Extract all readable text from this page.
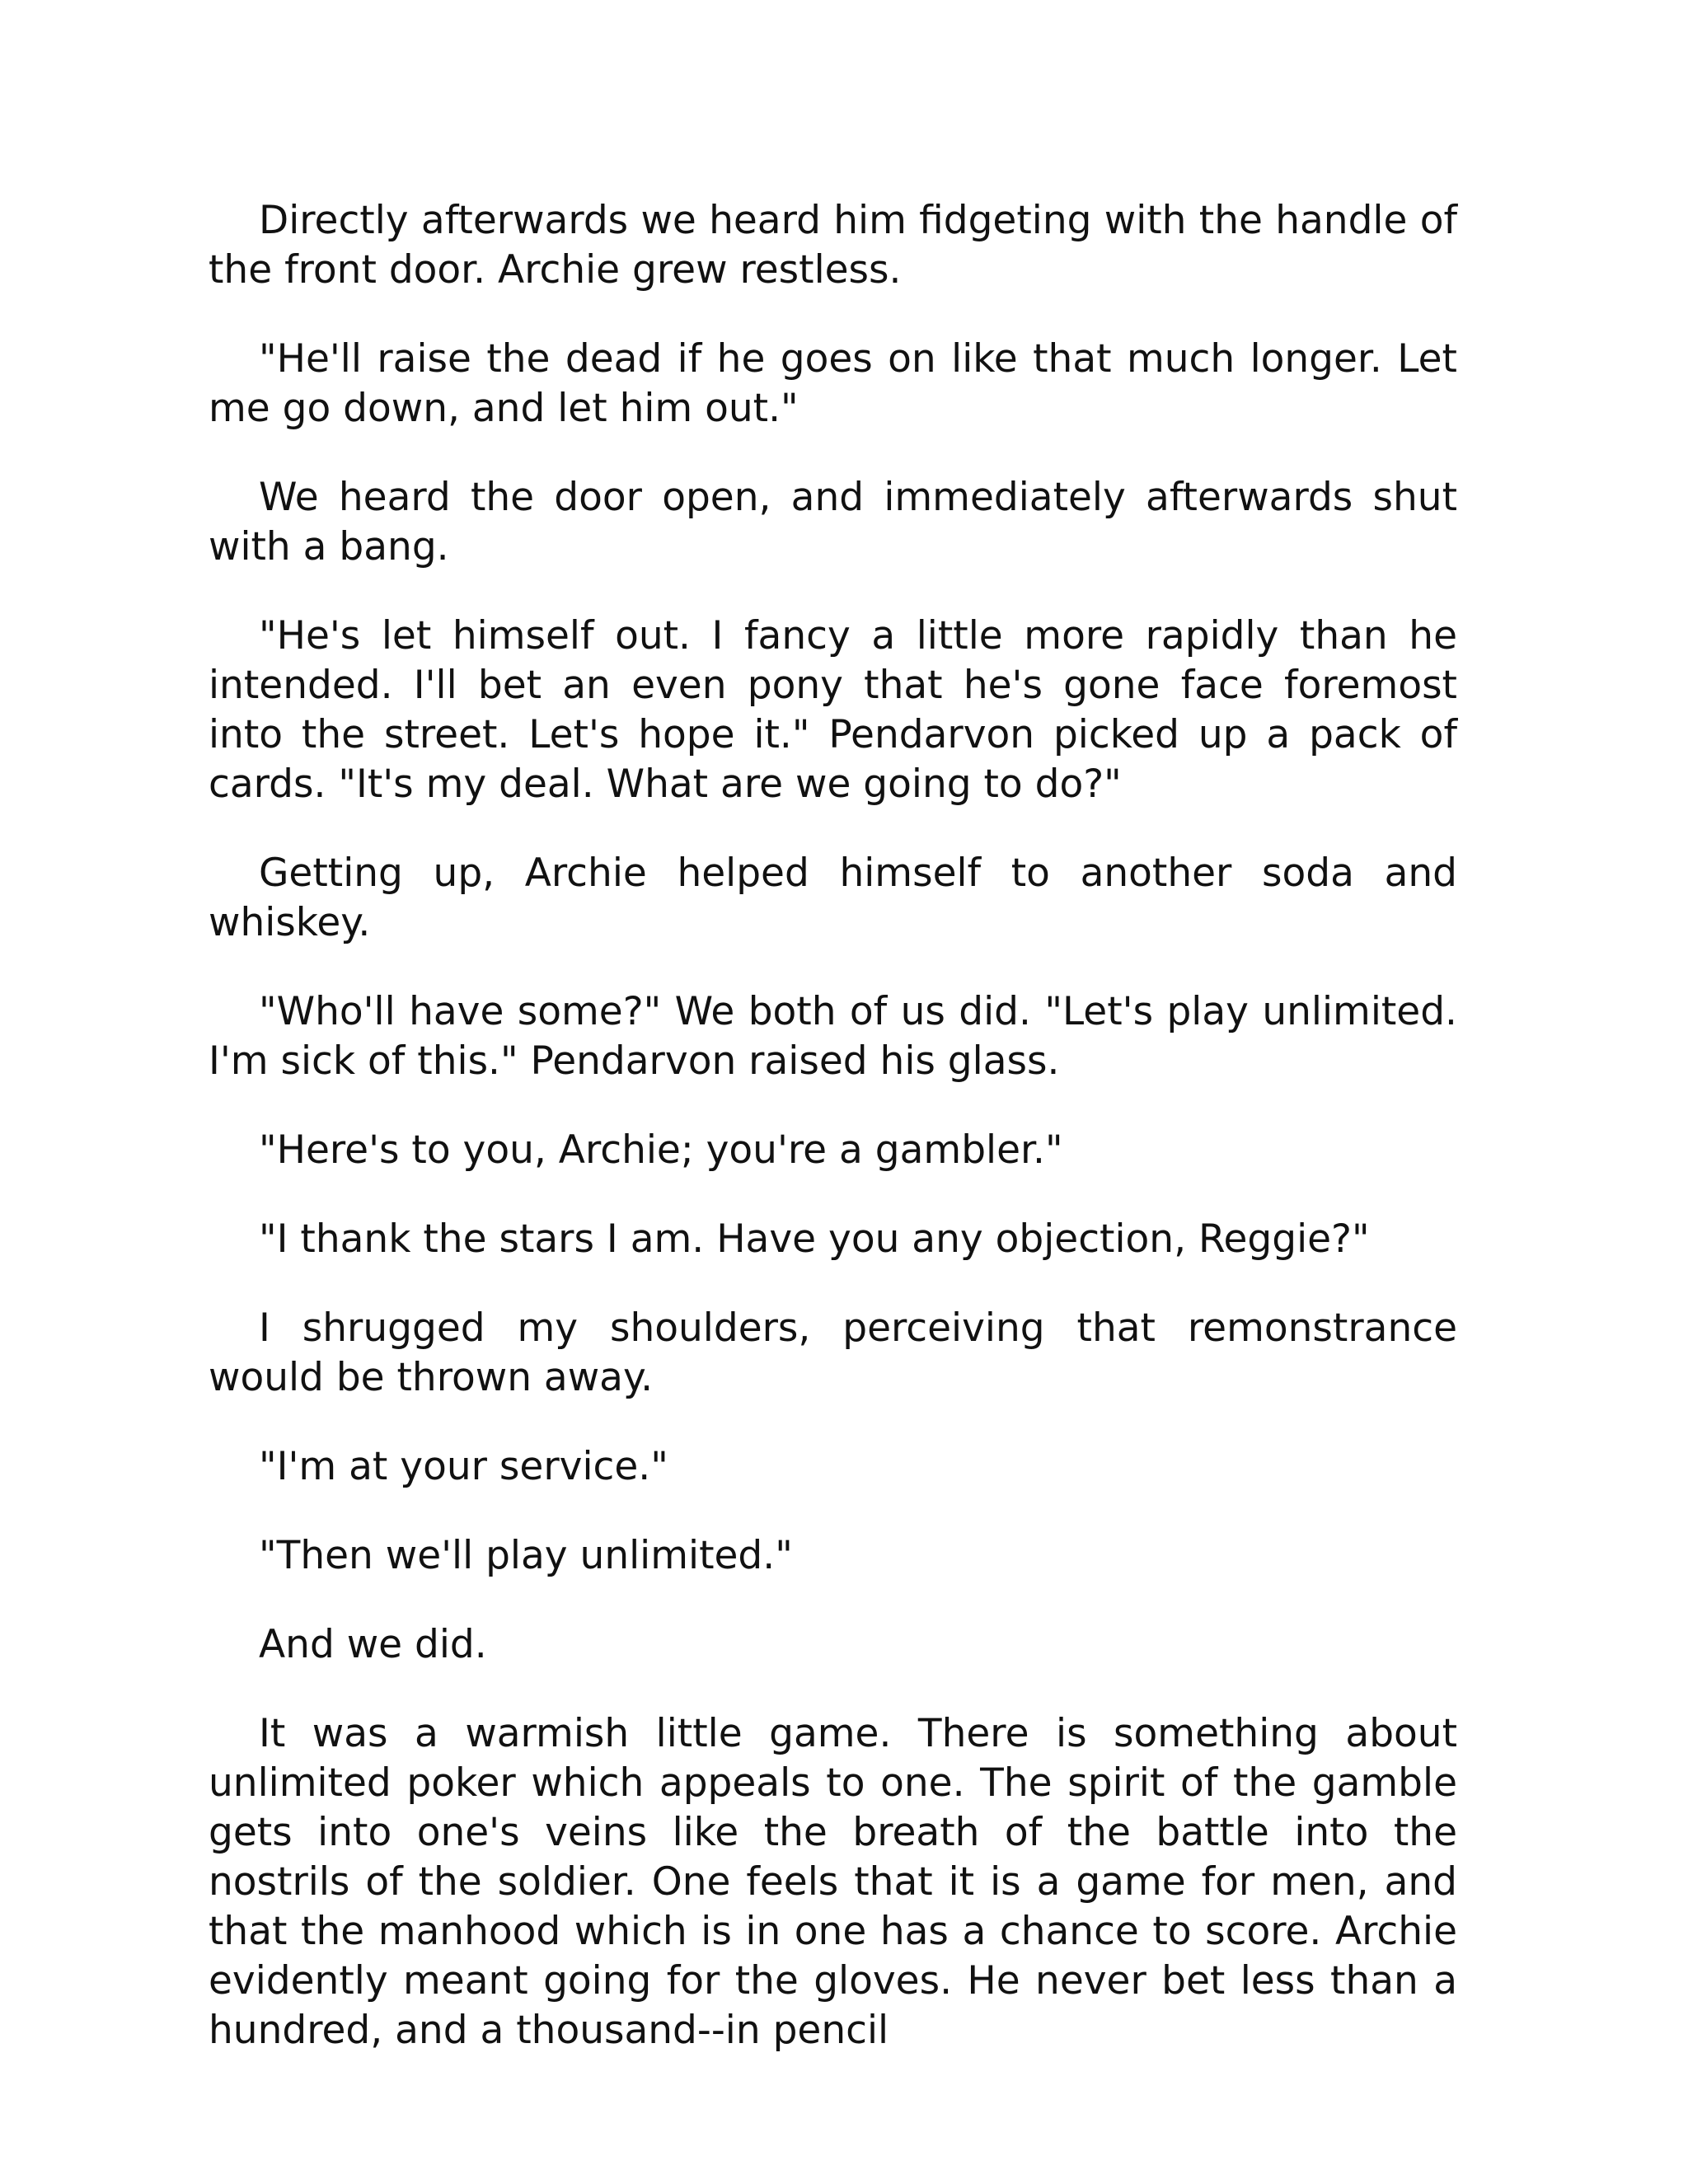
Directly afterwards we heard him fidgeting with the handle of the front door. Archie grew restless.

"He'll raise the dead if he goes on like that much longer. Let me go down, and let him out."

We heard the door open, and immediately afterwards shut with a bang.

"He's let himself out. I fancy a little more rapidly than he intended. I'll bet an even pony that he's gone face foremost into the street. Let's hope it." Pendarvon picked up a pack of cards. "It's my deal. What are we going to do?"

Getting up, Archie helped himself to another soda and whiskey.

"Who'll have some?" We both of us did. "Let's play unlimited. I'm sick of this." Pendarvon raised his glass.

"Here's to you, Archie; you're a gambler."

"I thank the stars I am. Have you any objection, Reggie?"

I shrugged my shoulders, perceiving that remonstrance would be thrown away.

"I'm at your service."

"Then we'll play unlimited."

And we did.

It was a warmish little game. There is something about unlimited poker which appeals to one. The spirit of the gamble gets into one's veins like the breath of the battle into the nostrils of the soldier. One feels that it is a game for men, and that the manhood which is in one has a chance to score. Archie evidently meant going for the gloves. He never bet less than a hundred, and a thousand--in pencil
